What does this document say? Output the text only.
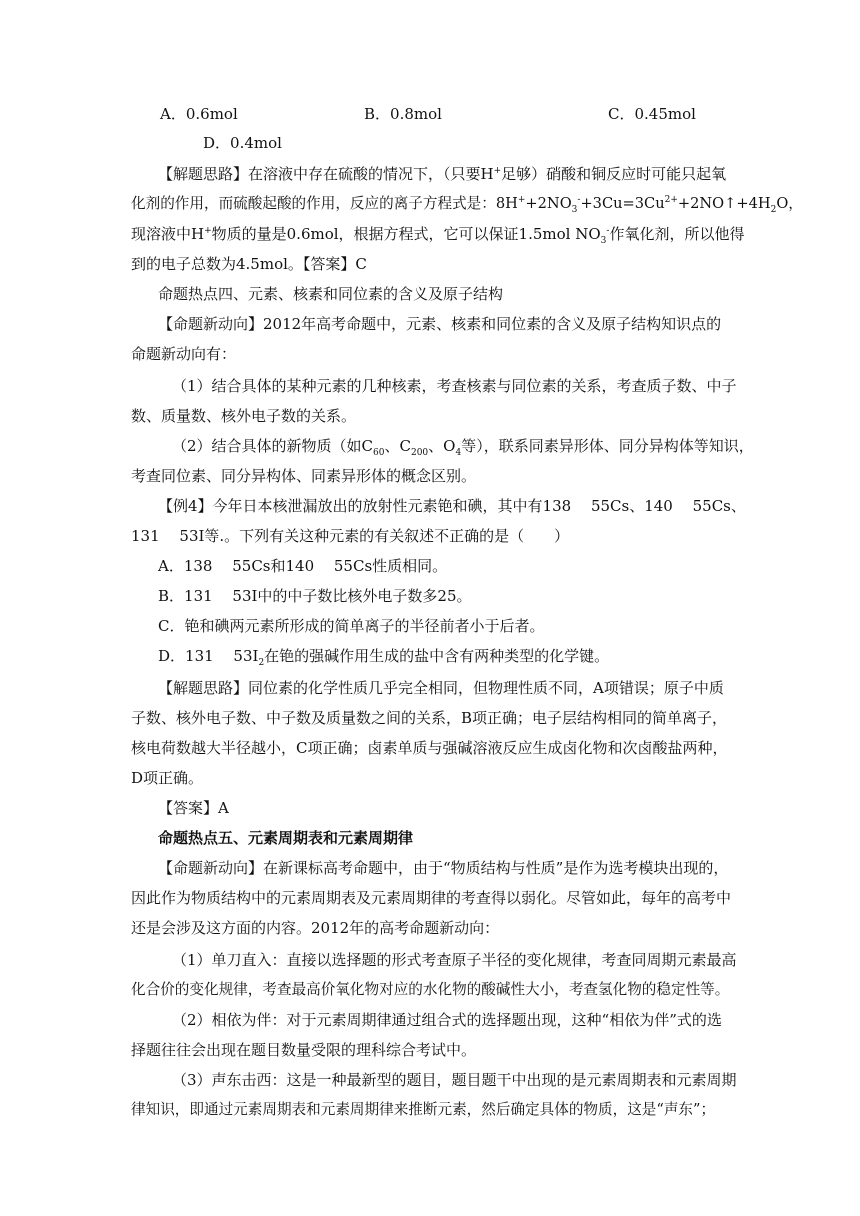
A．0.6mol	B．0.8mol	C．0.45mol
D．0.4mol
【解题思路】在溶液中存在硫酸的情况下，（只要H+足够）硝酸和铜反应时可能只起氧
化剂的作用，而硫酸起酸的作用，反应的离子方程式是：$8H^++2NO_3^-+3Cu=3Cu^{2+}+2NO↑+4H_2O$，
现溶液中H+物质的量是0.6mol，根据方程式，它可以保证1.5mol $NO_3^-$作氧化剂，所以他得
到的电子总数为4.5mol。【答案】C
命题热点四、元素、核素和同位素的含义及原子结构
【命题新动向】2012年高考命题中，元素、核素和同位素的含义及原子结构知识点的
命题新动向有：
（1）结合具体的某种元素的几种核素，考查核素与同位素的关系，考查质子数、中子
数、质量数、核外电子数的关系。
（2）结合具体的新物质（如$C_{60}$、$C_{200}$、$O_4$等），联系同素异形体、同分异构体等知识，
考查同位素、同分异构体、同素异形体的概念区别。
【例4】今年日本核泄漏放出的放射性元素铯和碘，其中有138　 55Cs、140　 55Cs、
131　 53I等.。下列有关这种元素的有关叙述不正确的是（　　）
A．138　 55Cs和140　 55Cs性质相同。
B．131　 53I中的中子数比核外电子数多25。
C．铯和碘两元素所形成的简单离子的半径前者小于后者。
D．131　 $53I_2$在铯的强碱作用生成的盐中含有两种类型的化学键。
【解题思路】同位素的化学性质几乎完全相同，但物理性质不同，A项错误；原子中质
子数、核外电子数、中子数及质量数之间的关系，B项正确；电子层结构相同的简单离子，
核电荷数越大半径越小，C项正确；卤素单质与强碱溶液反应生成卤化物和次卤酸盐两种，
D项正确。
【答案】A
命题热点五、元素周期表和元素周期律
【命题新动向】在新课标高考命题中，由于“物质结构与性质”是作为选考模块出现的，
因此作为物质结构中的元素周期表及元素周期律的考查得以弱化。尽管如此，每年的高考中
还是会涉及这方面的内容。2012年的高考命题新动向：
（1）单刀直入：直接以选择题的形式考查原子半径的变化规律，考查同周期元素最高
化合价的变化规律，考查最高价氧化物对应的水化物的酸碱性大小，考查氢化物的稳定性等。
（2）相依为伴：对于元素周期律通过组合式的选择题出现，这种“相依为伴”式的选
择题往往会出现在题目数量受限的理科综合考试中。
（3）声东击西：这是一种最新型的题目，题目题干中出现的是元素周期表和元素周期
律知识，即通过元素周期表和元素周期律来推断元素，然后确定具体的物质，这是“声东”；
